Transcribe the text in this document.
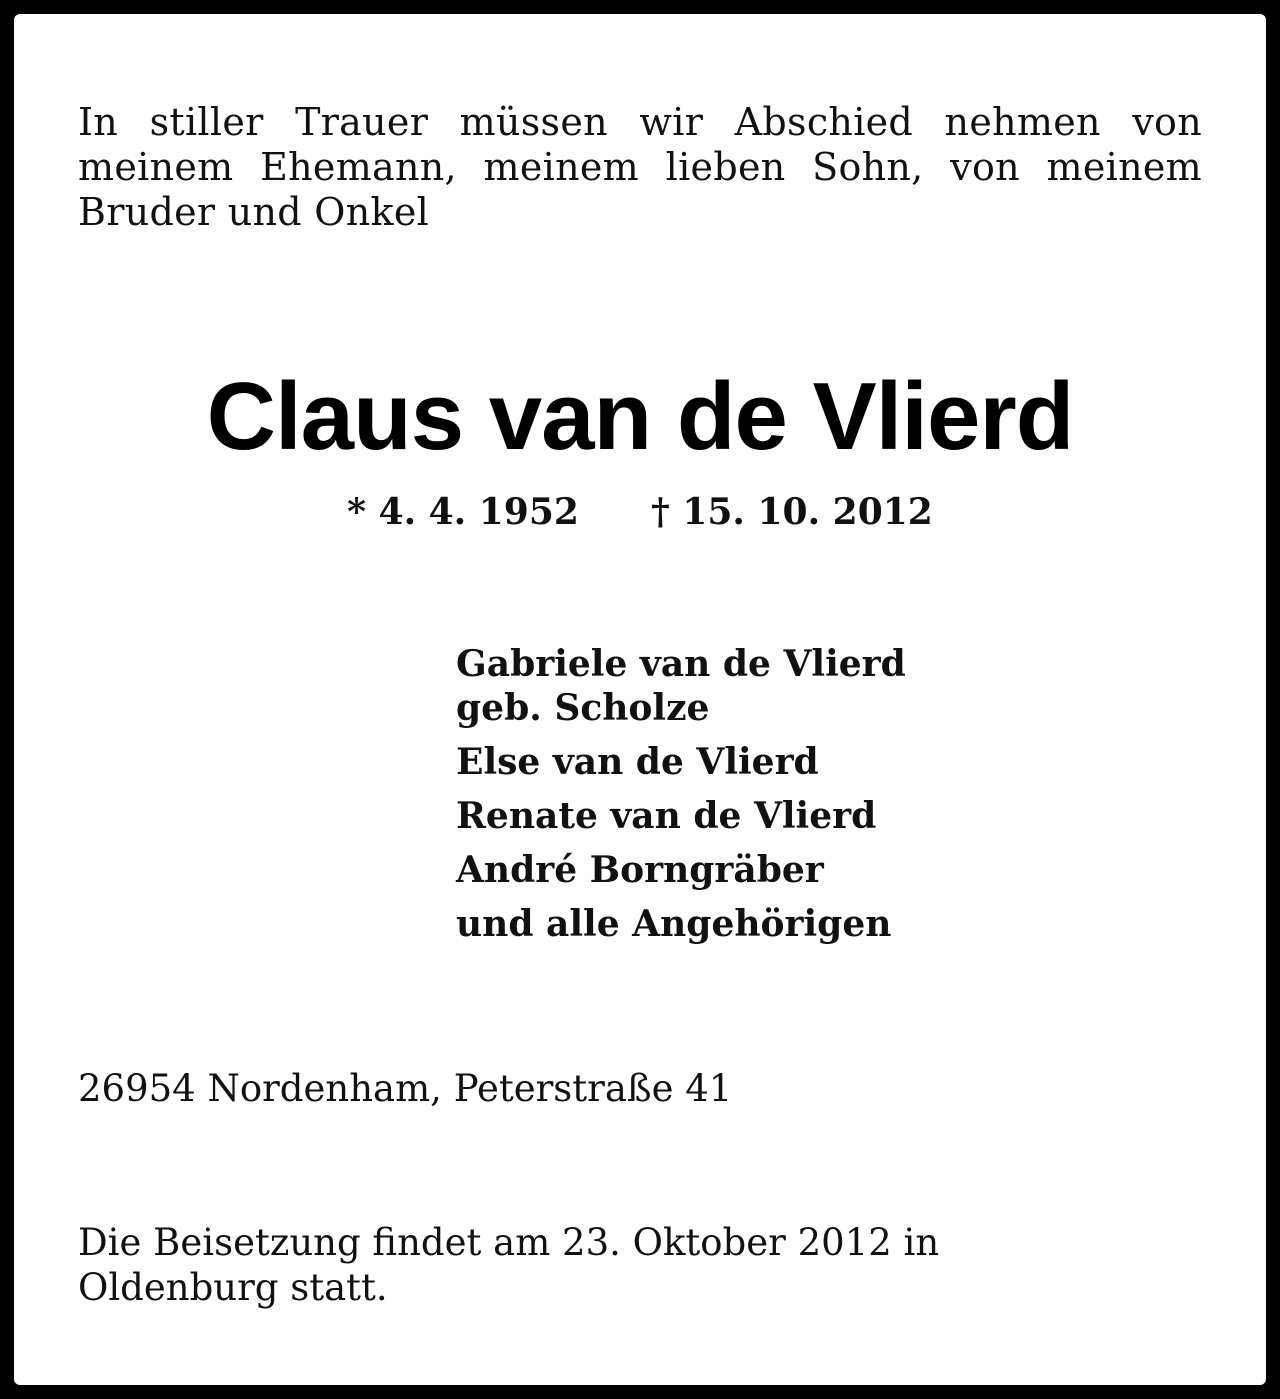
In stiller Trauer müssen wir Abschied nehmen von meinem Ehemann, meinem lieben Sohn, von meinem Bruder und Onkel

Claus van de Vlierd
* 4. 4. 1952 † 15. 10. 2012
Gabriele van de Vlierd
geb. Scholze
Else van de Vlierd
Renate van de Vlierd
André Borngräber
und alle Angehörigen

26954 Nordenham, Peterstraße 41

Die Beisetzung findet am 23. Oktober 2012 in Oldenburg statt.
